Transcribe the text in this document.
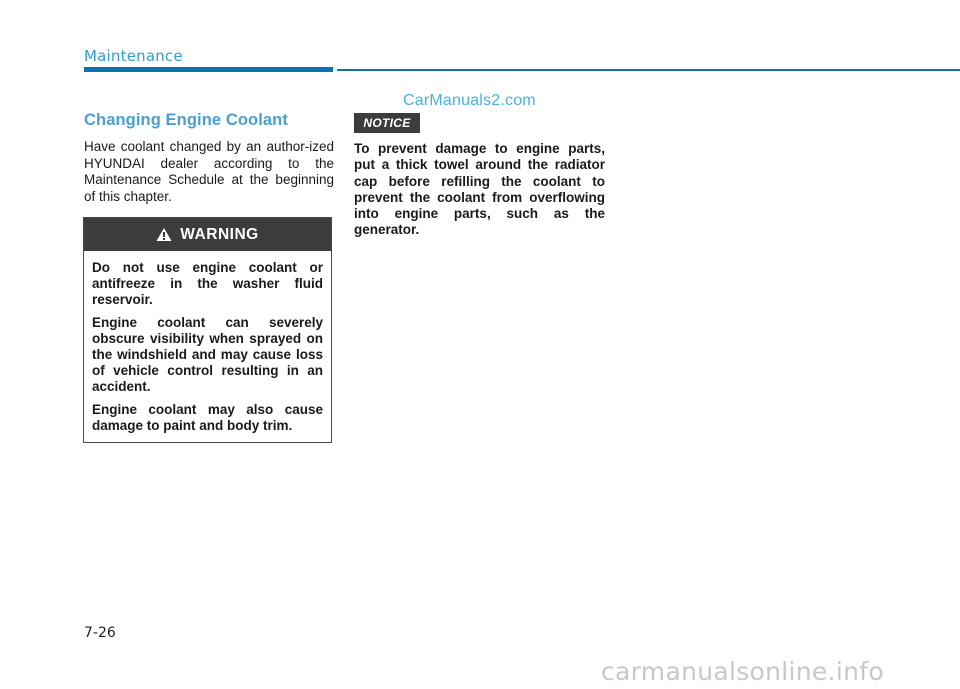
Maintenance
Changing Engine Coolant
Have coolant changed by an author-ized HYUNDAI dealer according to the Maintenance Schedule at the beginning of this chapter.
WARNING

Do not use engine coolant or antifreeze in the washer fluid reservoir.

Engine coolant can severely obscure visibility when sprayed on the windshield and may cause loss of vehicle control resulting in an accident.

Engine coolant may also cause damage to paint and body trim.

CarManuals2.com
NOTICE
To prevent damage to engine parts, put a thick towel around the radiator cap before refilling the coolant to prevent the coolant from overflowing into engine parts, such as the generator.
7-26
carmanualsonline.info
